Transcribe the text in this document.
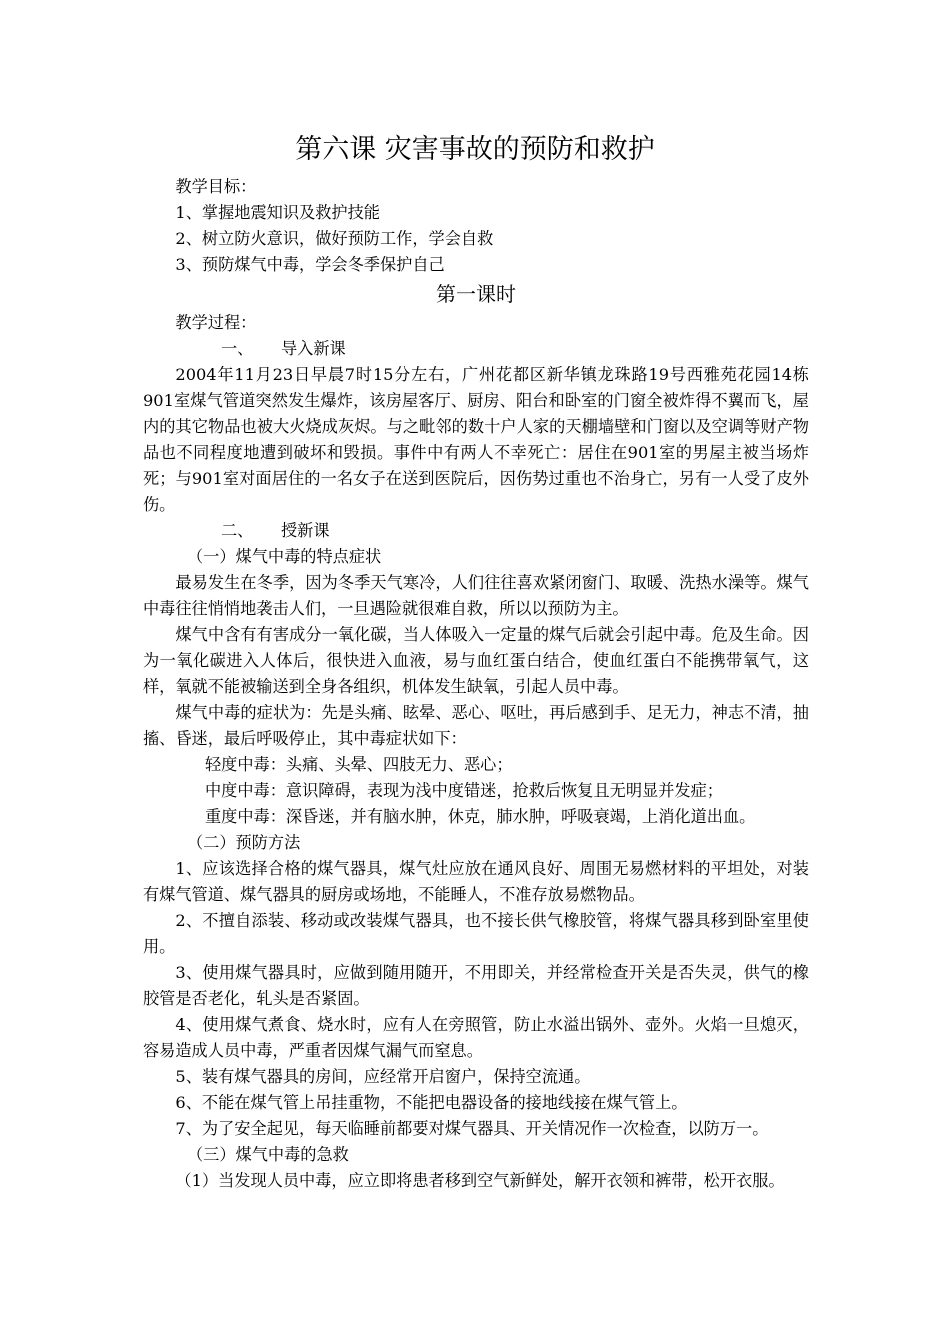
第六课 灾害事故的预防和救护

教学目标：

1、掌握地震知识及救护技能

2、树立防火意识，做好预防工作，学会自救

3、预防煤气中毒，学会冬季保护自己

第一课时

教学过程：

一、 导入新课

2004年11月23日早晨7时15分左右，广州花都区新华镇龙珠路19号西雅苑花园14栋901室煤气管道突然发生爆炸，该房屋客厅、厨房、阳台和卧室的门窗全被炸得不翼而飞，屋内的其它物品也被大火烧成灰烬。与之毗邻的数十户人家的天棚墙壁和门窗以及空调等财产物品也不同程度地遭到破坏和毁损。事件中有两人不幸死亡：居住在901室的男屋主被当场炸死；与901室对面居住的一名女子在送到医院后，因伤势过重也不治身亡，另有一人受了皮外伤。

二、 授新课

（一）煤气中毒的特点症状

最易发生在冬季，因为冬季天气寒冷，人们往往喜欢紧闭窗门、取暖、洗热水澡等。煤气中毒往往悄悄地袭击人们，一旦遇险就很难自救，所以以预防为主。

煤气中含有有害成分一氧化碳，当人体吸入一定量的煤气后就会引起中毒。危及生命。因为一氧化碳进入人体后，很快进入血液，易与血红蛋白结合，使血红蛋白不能携带氧气，这样，氧就不能被输送到全身各组织，机体发生缺氧，引起人员中毒。

煤气中毒的症状为：先是头痛、眩晕、恶心、呕吐，再后感到手、足无力，神志不清，抽搐、昏迷，最后呼吸停止，其中毒症状如下：

轻度中毒：头痛、头晕、四肢无力、恶心；

中度中毒：意识障碍，表现为浅中度错迷，抢救后恢复且无明显并发症；

重度中毒：深昏迷，并有脑水肿，休克，肺水肿，呼吸衰竭，上消化道出血。

（二）预防方法

1、应该选择合格的煤气器具，煤气灶应放在通风良好、周围无易燃材料的平坦处，对装有煤气管道、煤气器具的厨房或场地，不能睡人，不准存放易燃物品。

2、不擅自添装、移动或改装煤气器具，也不接长供气橡胶管，将煤气器具移到卧室里使用。

3、使用煤气器具时，应做到随用随开，不用即关，并经常检查开关是否失灵，供气的橡胶管是否老化，轧头是否紧固。

4、使用煤气煮食、烧水时，应有人在旁照管，防止水溢出锅外、壶外。火焰一旦熄灭，容易造成人员中毒，严重者因煤气漏气而窒息。

5、装有煤气器具的房间，应经常开启窗户，保持空流通。

6、不能在煤气管上吊挂重物，不能把电器设备的接地线接在煤气管上。

7、为了安全起见，每天临睡前都要对煤气器具、开关情况作一次检查，以防万一。

（三）煤气中毒的急救

（1）当发现人员中毒，应立即将患者移到空气新鲜处，解开衣领和裤带，松开衣服。
